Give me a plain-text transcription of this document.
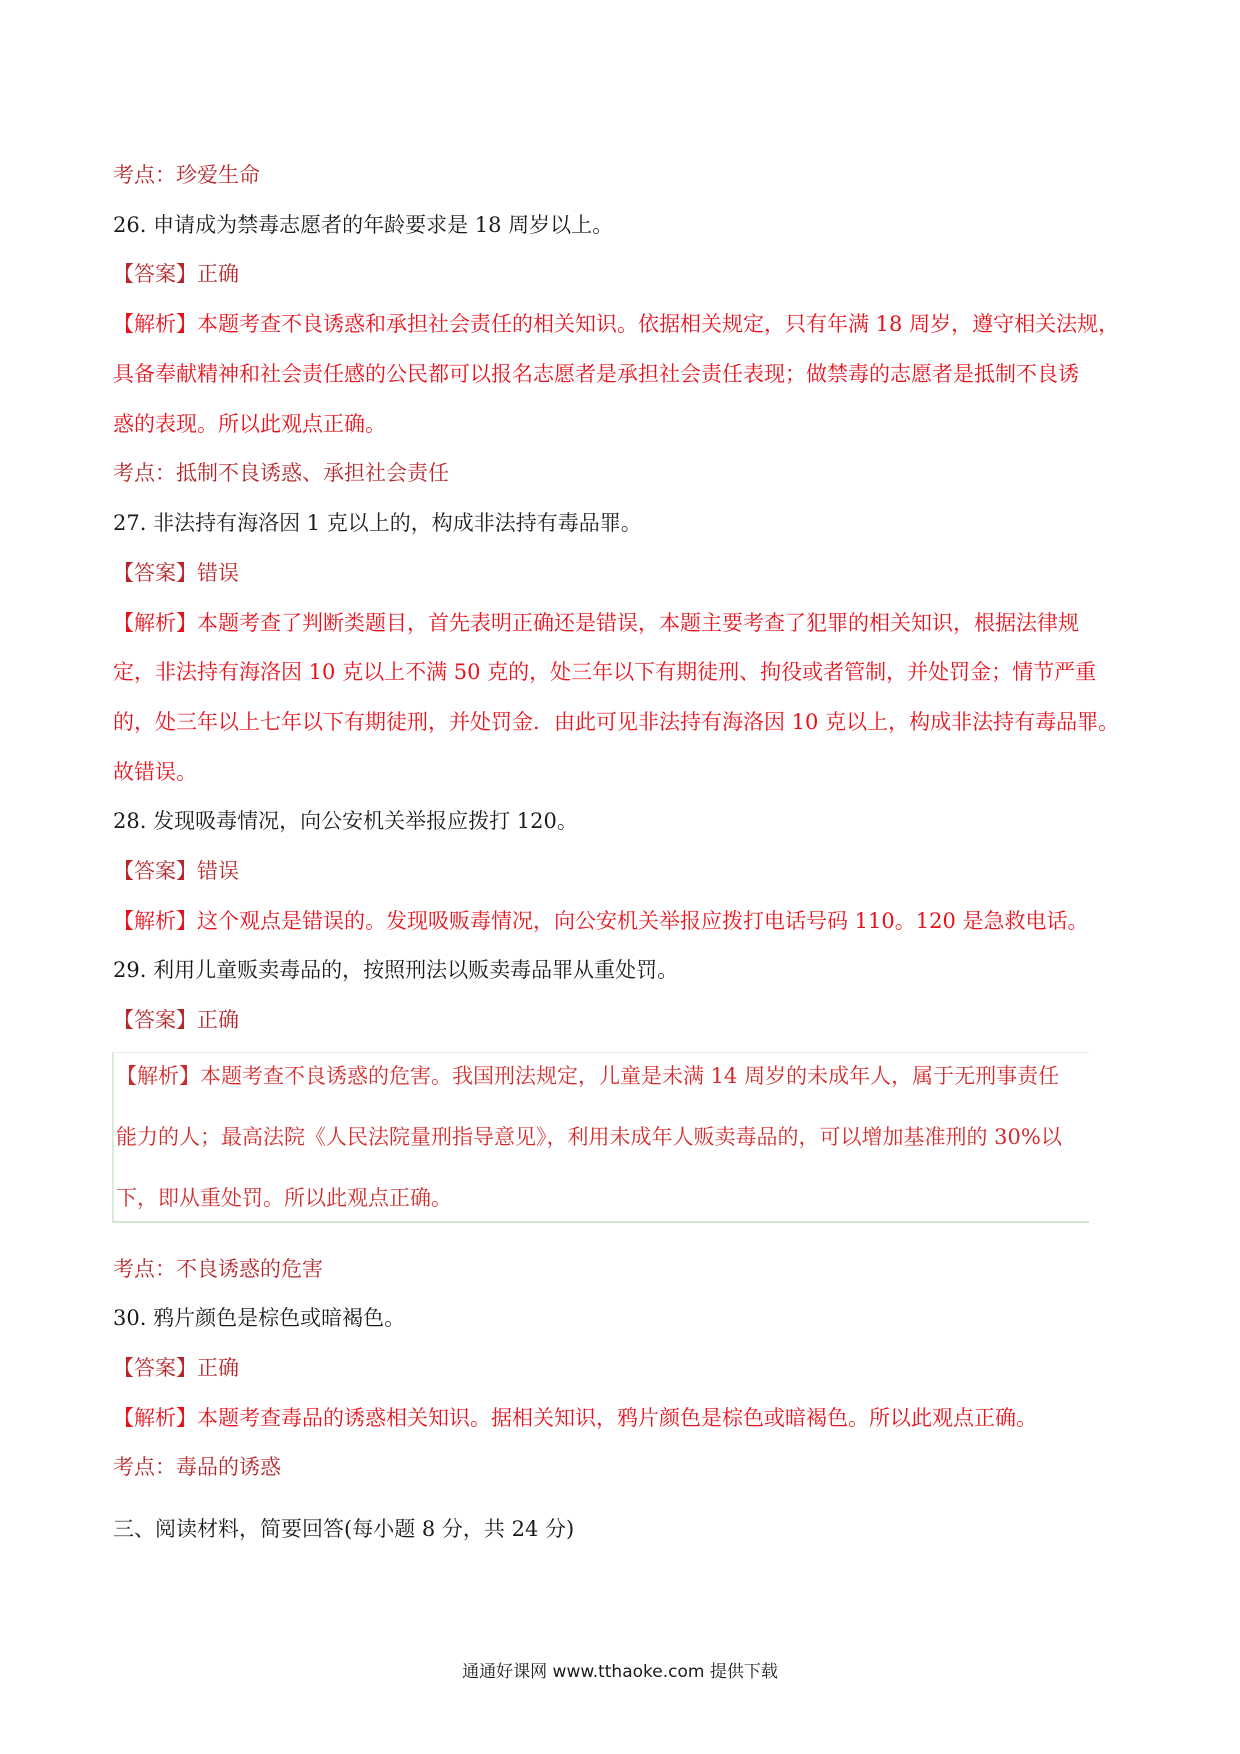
考点：珍爱生命

26. 申请成为禁毒志愿者的年龄要求是 18 周岁以上。

【答案】正确

【解析】本题考查不良诱惑和承担社会责任的相关知识。依据相关规定，只有年满 18 周岁，遵守相关法规，

具备奉献精神和社会责任感的公民都可以报名志愿者是承担社会责任表现；做禁毒的志愿者是抵制不良诱

惑的表现。所以此观点正确。

考点：抵制不良诱惑、承担社会责任

27. 非法持有海洛因 1 克以上的，构成非法持有毒品罪。

【答案】错误

【解析】本题考查了判断类题目，首先表明正确还是错误，本题主要考查了犯罪的相关知识，根据法律规

定，非法持有海洛因 10 克以上不满 50 克的，处三年以下有期徒刑、拘役或者管制，并处罚金；情节严重

的，处三年以上七年以下有期徒刑，并处罚金．由此可见非法持有海洛因 10 克以上，构成非法持有毒品罪。

故错误。

28. 发现吸毒情况，向公安机关举报应拨打 120。

【答案】错误

【解析】这个观点是错误的。发现吸贩毒情况，向公安机关举报应拨打电话号码 110。120 是急救电话。

29. 利用儿童贩卖毒品的，按照刑法以贩卖毒品罪从重处罚。

【答案】正确

【解析】本题考查不良诱惑的危害。我国刑法规定，儿童是未满 14 周岁的未成年人，属于无刑事责任
能力的人；最高法院《人民法院量刑指导意见》，利用未成年人贩卖毒品的，可以增加基准刑的 30%以
下，即从重处罚。所以此观点正确。

考点：不良诱惑的危害

30. 鸦片颜色是棕色或暗褐色。

【答案】正确

【解析】本题考查毒品的诱惑相关知识。据相关知识，鸦片颜色是棕色或暗褐色。所以此观点正确。

考点：毒品的诱惑

三、阅读材料，简要回答(每小题 8 分，共 24 分)

通通好课网 www.tthaoke.com 提供下载
